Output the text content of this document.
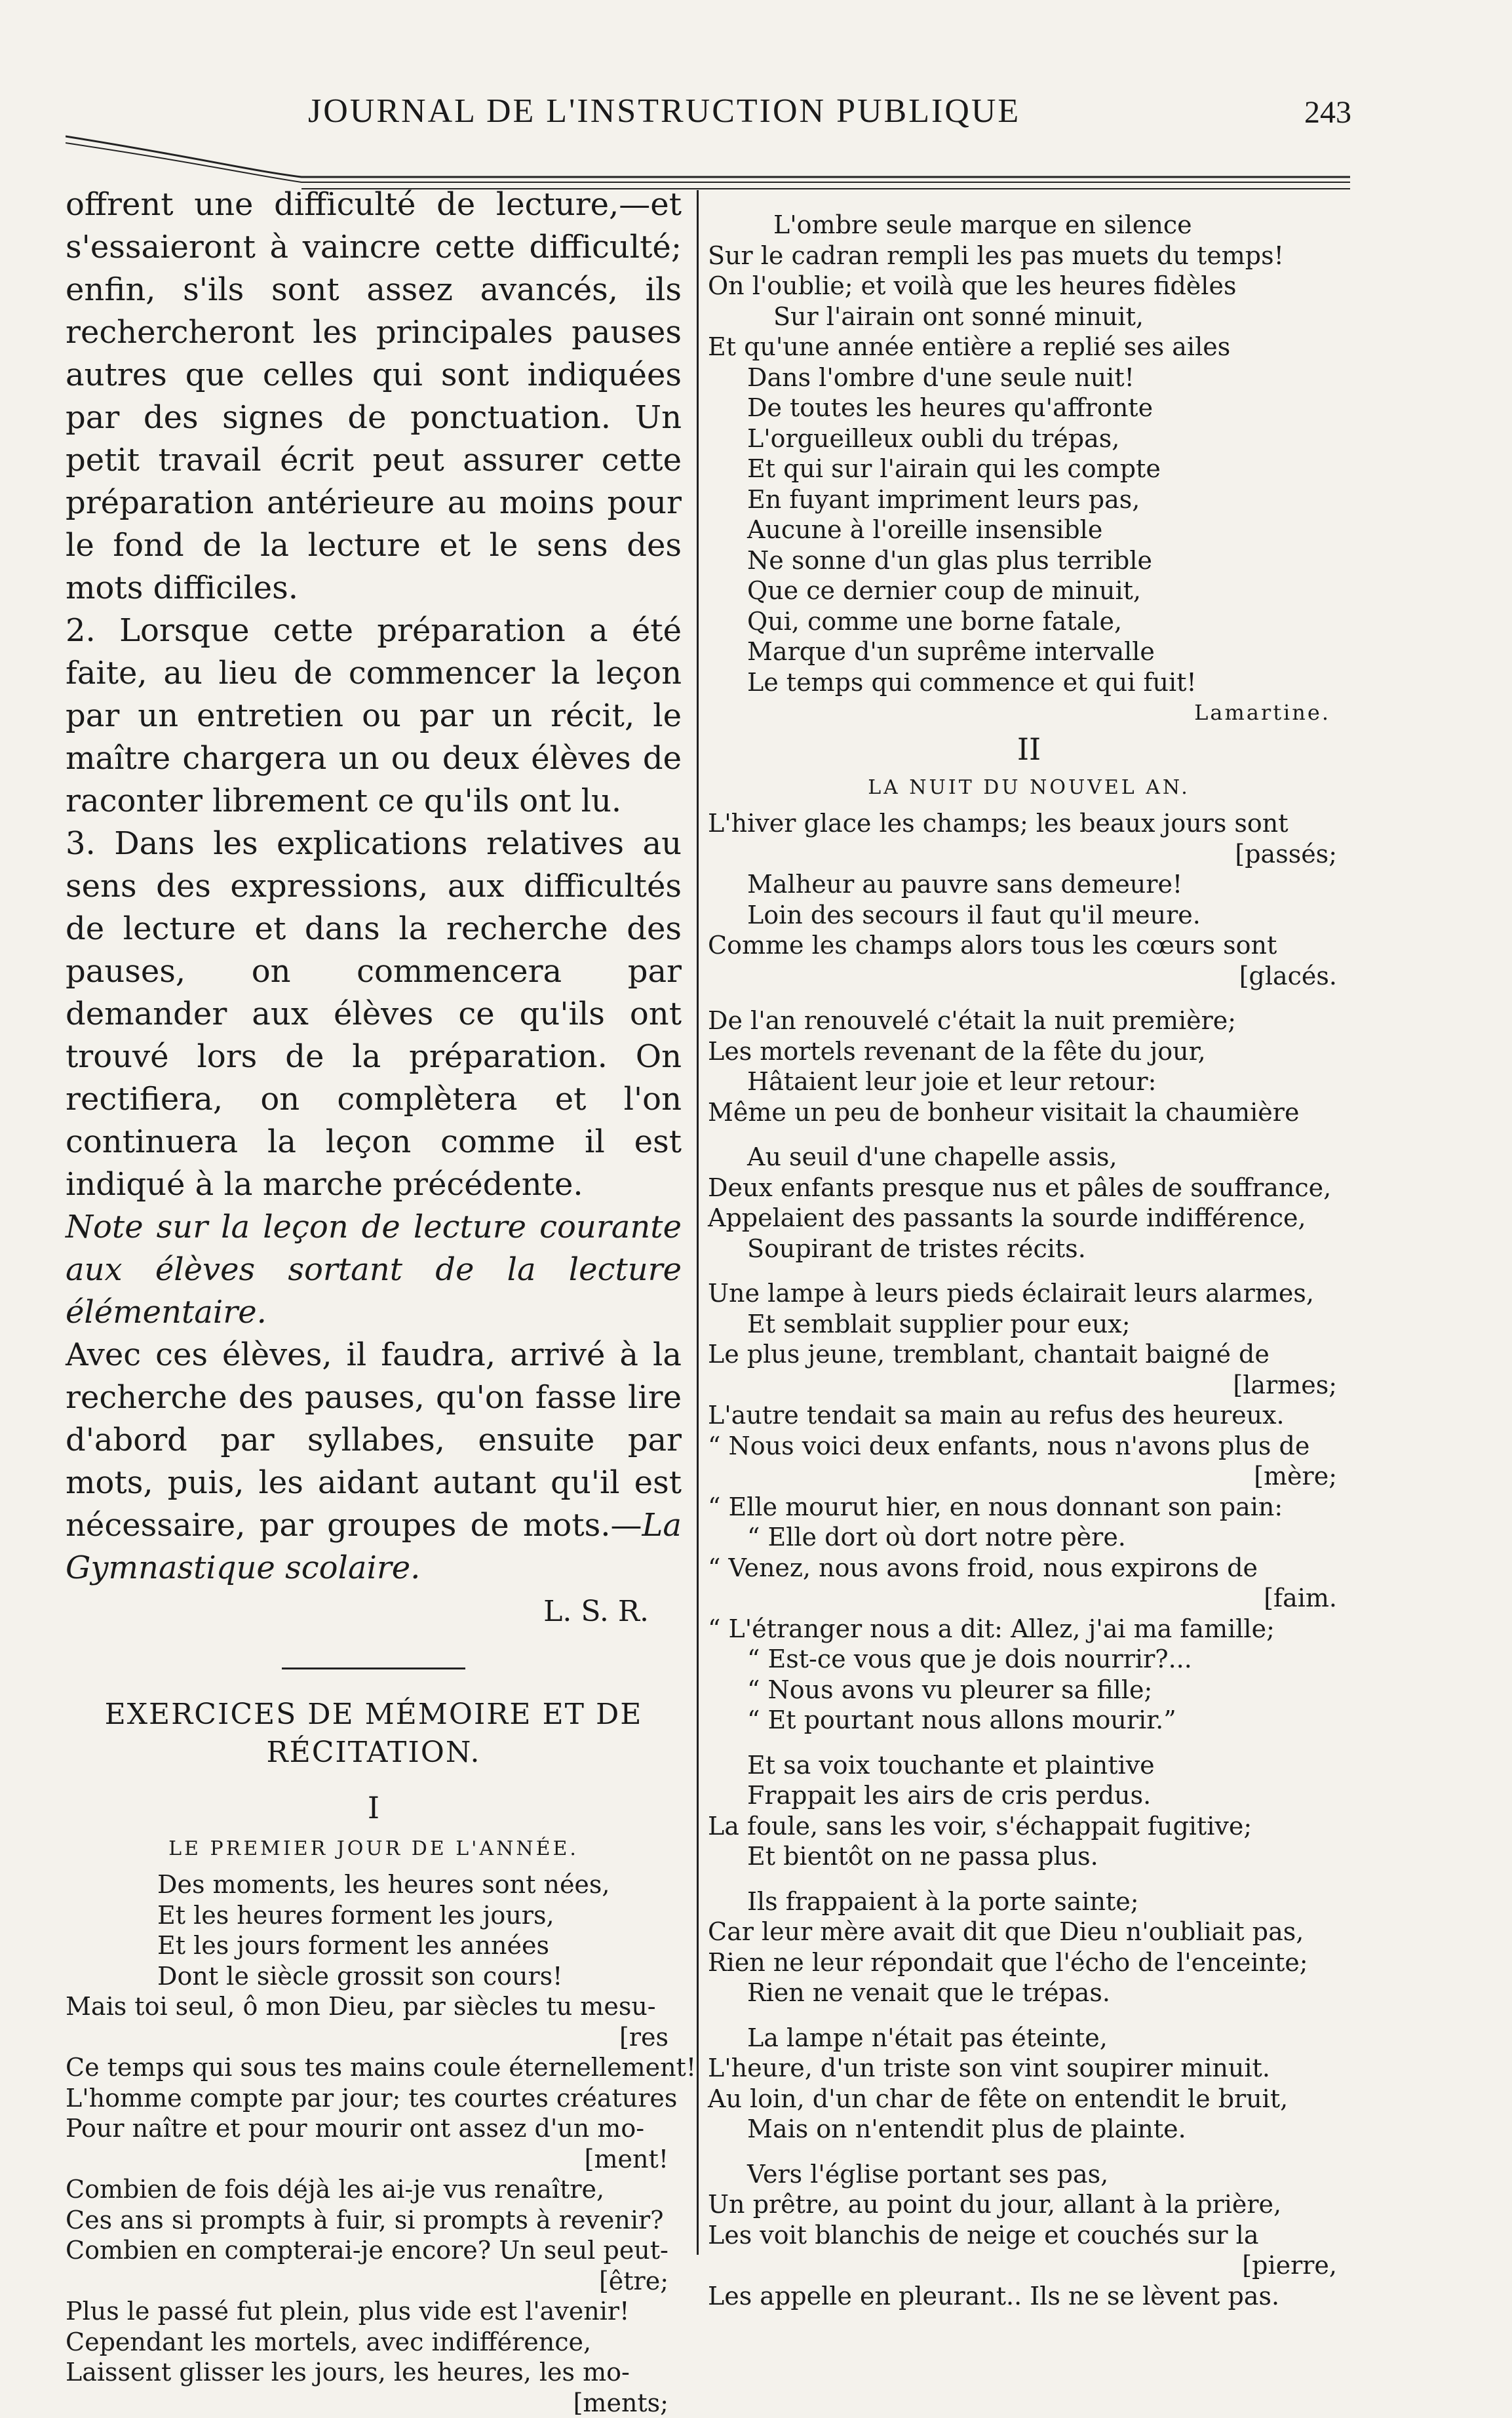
JOURNAL DE L'INSTRUCTION PUBLIQUE	243

offrent une difficulté de lecture,—et s'essaieront à vaincre cette difficulté; enfin, s'ils sont assez avancés, ils rechercheront les principales pauses autres que celles qui sont indiquées par des signes de ponctuation. Un petit travail écrit peut assurer cette préparation antérieure au moins pour le fond de la lecture et le sens des mots difficiles.

2. Lorsque cette préparation a été faite, au lieu de commencer la leçon par un entretien ou par un récit, le maître chargera un ou deux élèves de raconter librement ce qu'ils ont lu.

3. Dans les explications relatives au sens des expressions, aux difficultés de lecture et dans la recherche des pauses, on commencera par demander aux élèves ce qu'ils ont trouvé lors de la préparation. On rectifiera, on complètera et l'on continuera la leçon comme il est indiqué à la marche précédente.

Note sur la leçon de lecture courante aux élèves sortant de la lecture élémentaire.

Avec ces élèves, il faudra, arrivé à la recherche des pauses, qu'on fasse lire d'abord par syllabes, ensuite par mots, puis, les aidant autant qu'il est nécessaire, par groupes de mots.—La Gymnastique scolaire.

L. S. R.
EXERCICES DE MÉMOIRE ET DE
RÉCITATION.
I
LE PREMIER JOUR DE L'ANNÉE.
Des moments, les heures sont nées,
Et les heures forment les jours,
Et les jours forment les années
Dont le siècle grossit son cours!
Mais toi seul, ô mon Dieu, par siècles tu mesu-
[res
Ce temps qui sous tes mains coule éternellement!
L'homme compte par jour; tes courtes créatures
Pour naître et pour mourir ont assez d'un mo-
[ment!
Combien de fois déjà les ai-je vus renaître,
Ces ans si prompts à fuir, si prompts à revenir?
Combien en compterai-je encore? Un seul peut-
[être;
Plus le passé fut plein, plus vide est l'avenir!
Cependant les mortels, avec indifférence,
Laissent glisser les jours, les heures, les mo-
[ments;
L'ombre seule marque en silence
Sur le cadran rempli les pas muets du temps!
On l'oublie; et voilà que les heures fidèles
Sur l'airain ont sonné minuit,
Et qu'une année entière a replié ses ailes
Dans l'ombre d'une seule nuit!
De toutes les heures qu'affronte
L'orgueilleux oubli du trépas,
Et qui sur l'airain qui les compte
En fuyant impriment leurs pas,
Aucune à l'oreille insensible
Ne sonne d'un glas plus terrible
Que ce dernier coup de minuit,
Qui, comme une borne fatale,
Marque d'un suprême intervalle
Le temps qui commence et qui fuit!
Lamartine.
II
LA NUIT DU NOUVEL AN.
L'hiver glace les champs; les beaux jours sont
[passés;
Malheur au pauvre sans demeure!
Loin des secours il faut qu'il meure.
Comme les champs alors tous les cœurs sont
[glacés.
De l'an renouvelé c'était la nuit première;
Les mortels revenant de la fête du jour,
Hâtaient leur joie et leur retour:
Même un peu de bonheur visitait la chaumière
Au seuil d'une chapelle assis,
Deux enfants presque nus et pâles de souffrance,
Appelaient des passants la sourde indifférence,
Soupirant de tristes récits.
Une lampe à leurs pieds éclairait leurs alarmes,
Et semblait supplier pour eux;
Le plus jeune, tremblant, chantait baigné de
[larmes;
L'autre tendait sa main au refus des heureux.
“ Nous voici deux enfants, nous n'avons plus de
[mère;
“ Elle mourut hier, en nous donnant son pain:
“ Elle dort où dort notre père.
“ Venez, nous avons froid, nous expirons de
[faim.
“ L'étranger nous a dit: Allez, j'ai ma famille;
“ Est-ce vous que je dois nourrir?...
“ Nous avons vu pleurer sa fille;
“ Et pourtant nous allons mourir.”
Et sa voix touchante et plaintive
Frappait les airs de cris perdus.
La foule, sans les voir, s'échappait fugitive;
Et bientôt on ne passa plus.
Ils frappaient à la porte sainte;
Car leur mère avait dit que Dieu n'oubliait pas,
Rien ne leur répondait que l'écho de l'enceinte;
Rien ne venait que le trépas.
La lampe n'était pas éteinte,
L'heure, d'un triste son vint soupirer minuit.
Au loin, d'un char de fête on entendit le bruit,
Mais on n'entendit plus de plainte.
Vers l'église portant ses pas,
Un prêtre, au point du jour, allant à la prière,
Les voit blanchis de neige et couchés sur la
[pierre,
Les appelle en pleurant.. Ils ne se lèvent pas.
